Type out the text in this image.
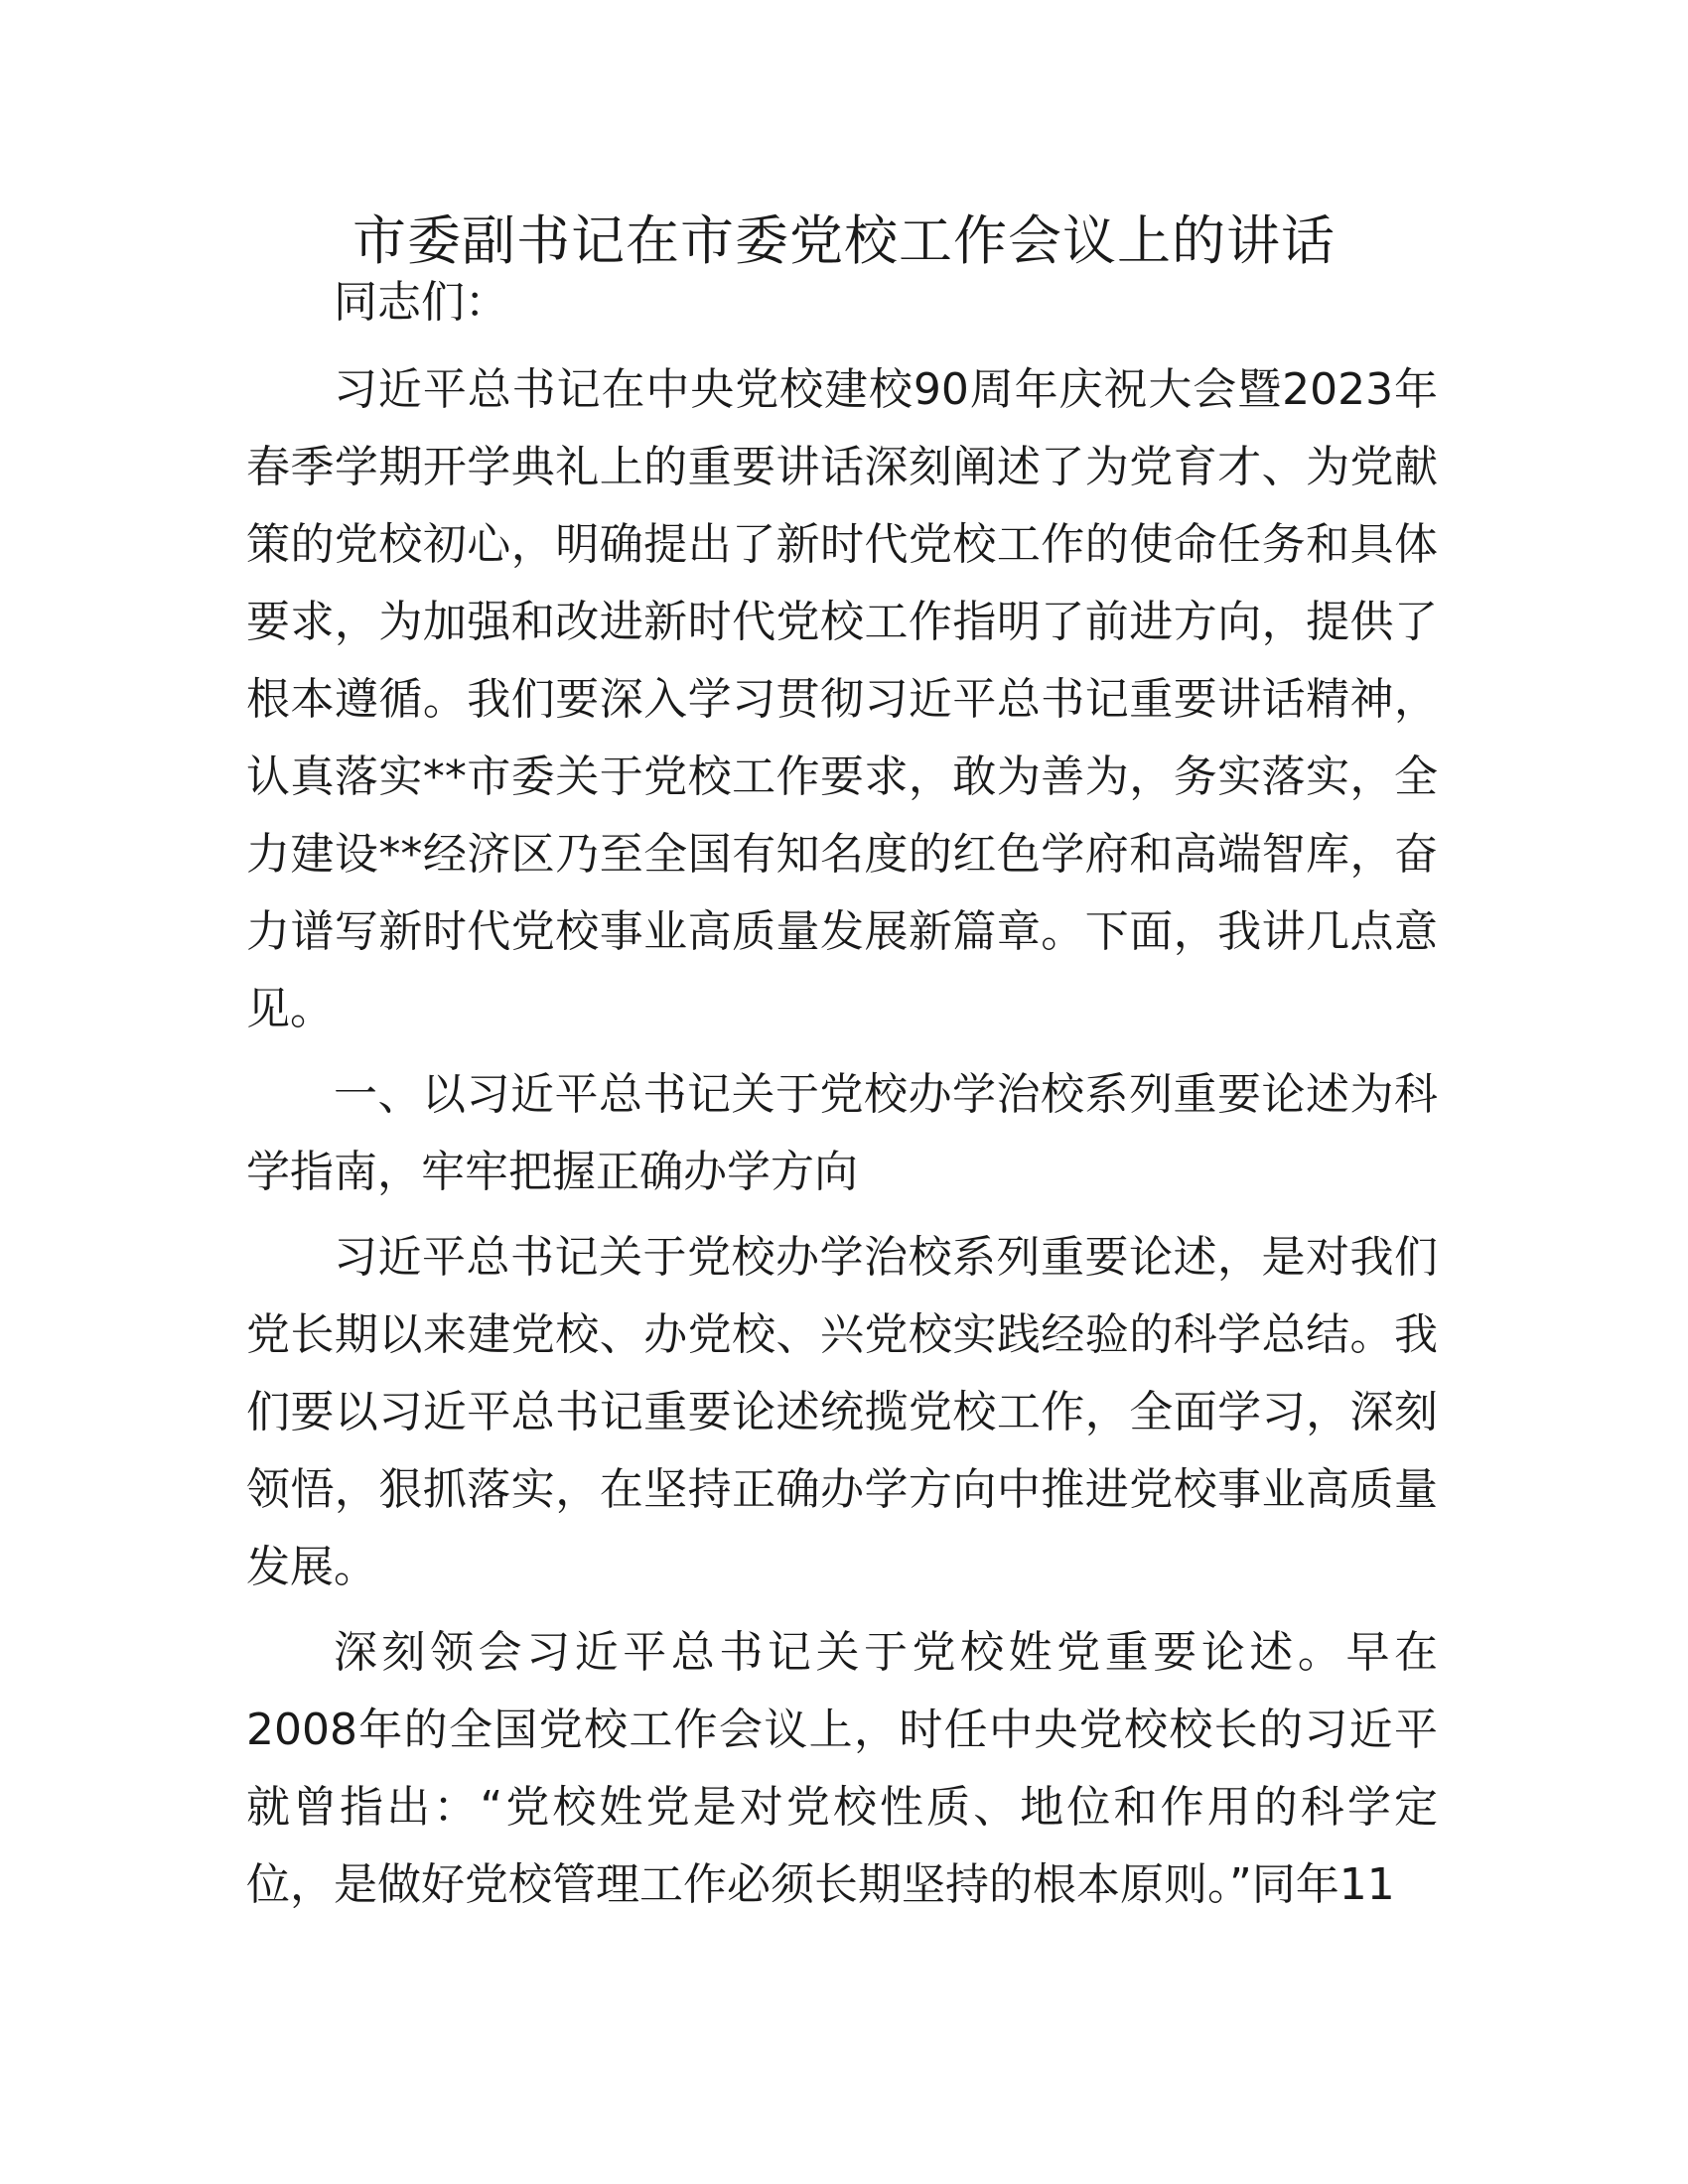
市委副书记在市委党校工作会议上的讲话

同志们：

习近平总书记在中央党校建校90周年庆祝大会暨2023年春季学期开学典礼上的重要讲话深刻阐述了为党育才、为党献策的党校初心，明确提出了新时代党校工作的使命任务和具体要求，为加强和改进新时代党校工作指明了前进方向，提供了根本遵循。我们要深入学习贯彻习近平总书记重要讲话精神，认真落实**市委关于党校工作要求，敢为善为，务实落实，全力建设**经济区乃至全国有知名度的红色学府和高端智库，奋力谱写新时代党校事业高质量发展新篇章。下面，我讲几点意见。

一、以习近平总书记关于党校办学治校系列重要论述为科学指南，牢牢把握正确办学方向

习近平总书记关于党校办学治校系列重要论述，是对我们党长期以来建党校、办党校、兴党校实践经验的科学总结。我们要以习近平总书记重要论述统揽党校工作，全面学习，深刻领悟，狠抓落实，在坚持正确办学方向中推进党校事业高质量发展。

深刻领会习近平总书记关于党校姓党重要论述。早在2008年的全国党校工作会议上，时任中央党校校长的习近平就曾指出：“党校姓党是对党校性质、地位和作用的科学定位，是做好党校管理工作必须长期坚持的根本原则。”同年11
